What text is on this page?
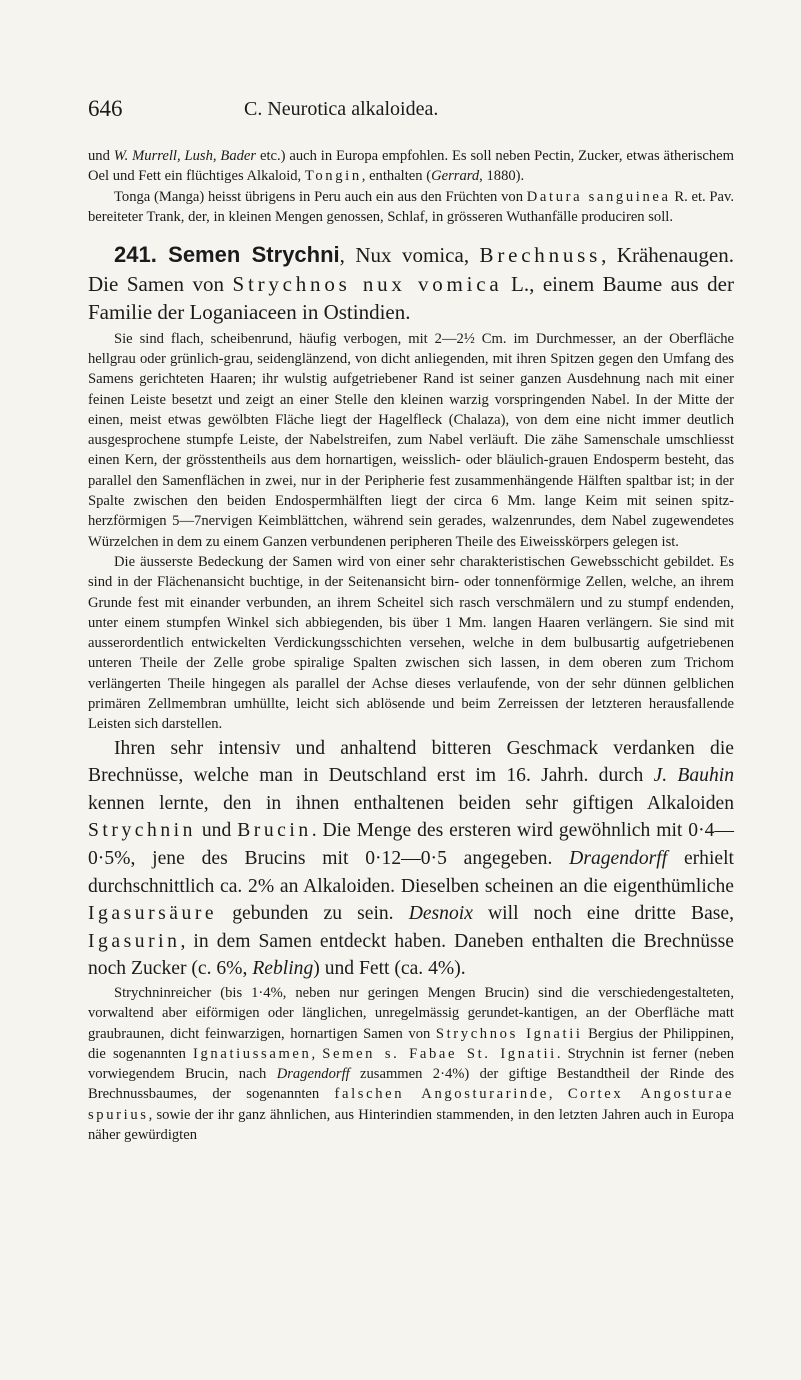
646	C. Neurotica alkaloidea.

und W. Murrell, Lush, Bader etc.) auch in Europa empfohlen. Es soll neben Pectin, Zucker, etwas ätherischem Oel und Fett ein flüchtiges Alkaloid, Tongin, enthalten (Gerrard, 1880).

Tonga (Manga) heisst übrigens in Peru auch ein aus den Früchten von Datura sanguinea R. et. Pav. bereiteter Trank, der, in kleinen Mengen genossen, Schlaf, in grösseren Wuthanfälle produciren soll.

241. Semen Strychni, Nux vomica, Brechnuss, Krähenaugen. Die Samen von Strychnos nux vomica L., einem Baume aus der Familie der Loganiaceen in Ostindien.

Sie sind flach, scheibenrund, häufig verbogen, mit 2—2½ Cm. im Durchmesser, an der Oberfläche hellgrau oder grünlich-grau, seidenglänzend, von dicht anliegenden, mit ihren Spitzen gegen den Umfang des Samens gerichteten Haaren; ihr wulstig aufgetriebener Rand ist seiner ganzen Ausdehnung nach mit einer feinen Leiste besetzt und zeigt an einer Stelle den kleinen warzig vorspringenden Nabel. In der Mitte der einen, meist etwas gewölbten Fläche liegt der Hagelfleck (Chalaza), von dem eine nicht immer deutlich ausgesprochene stumpfe Leiste, der Nabelstreifen, zum Nabel verläuft. Die zähe Samenschale umschliesst einen Kern, der grösstentheils aus dem hornartigen, weisslich- oder bläulich-grauen Endosperm besteht, das parallel den Samenflächen in zwei, nur in der Peripherie fest zusammenhängende Hälften spaltbar ist; in der Spalte zwischen den beiden Endospermhälften liegt der circa 6 Mm. lange Keim mit seinen spitz-herzförmigen 5—7nervigen Keimblättchen, während sein gerades, walzenrundes, dem Nabel zugewendetes Würzelchen in dem zu einem Ganzen verbundenen peripheren Theile des Eiweisskörpers gelegen ist.

Die äusserste Bedeckung der Samen wird von einer sehr charakteristischen Gewebsschicht gebildet. Es sind in der Flächenansicht buchtige, in der Seitenansicht birn- oder tonnenförmige Zellen, welche, an ihrem Grunde fest mit einander verbunden, an ihrem Scheitel sich rasch verschmälern und zu stumpf endenden, unter einem stumpfen Winkel sich abbiegenden, bis über 1 Mm. langen Haaren verlängern. Sie sind mit ausserordentlich entwickelten Verdickungsschichten versehen, welche in dem bulbusartig aufgetriebenen unteren Theile der Zelle grobe spiralige Spalten zwischen sich lassen, in dem oberen zum Trichom verlängerten Theile hingegen als parallel der Achse dieses verlaufende, von der sehr dünnen gelblichen primären Zellmembran umhüllte, leicht sich ablösende und beim Zerreissen der letzteren herausfallende Leisten sich darstellen.

Ihren sehr intensiv und anhaltend bitteren Geschmack verdanken die Brechnüsse, welche man in Deutschland erst im 16. Jahrh. durch J. Bauhin kennen lernte, den in ihnen enthaltenen beiden sehr giftigen Alkaloiden Strychnin und Brucin. Die Menge des ersteren wird gewöhnlich mit 0·4—0·5%, jene des Brucins mit 0·12—0·5 angegeben. Dragendorff erhielt durchschnittlich ca. 2% an Alkaloiden. Dieselben scheinen an die eigenthümliche Igasursäure gebunden zu sein. Desnoix will noch eine dritte Base, Igasurin, in dem Samen entdeckt haben. Daneben enthalten die Brechnüsse noch Zucker (c. 6%, Rebling) und Fett (ca. 4%).

Strychninreicher (bis 1·4%, neben nur geringen Mengen Brucin) sind die verschiedengestalteten, vorwaltend aber eiförmigen oder länglichen, unregelmässig gerundet-kantigen, an der Oberfläche matt graubraunen, dicht feinwarzigen, hornartigen Samen von Strychnos Ignatii Bergius der Philippinen, die sogenannten Ignatiussamen, Semen s. Fabae St. Ignatii. Strychnin ist ferner (neben vorwiegendem Brucin, nach Dragendorff zusammen 2·4%) der giftige Bestandtheil der Rinde des Brechnussbaumes, der sogenannten falschen Angosturarinde, Cortex Angosturae spurius, sowie der ihr ganz ähnlichen, aus Hinterindien stammenden, in den letzten Jahren auch in Europa näher gewürdigten
